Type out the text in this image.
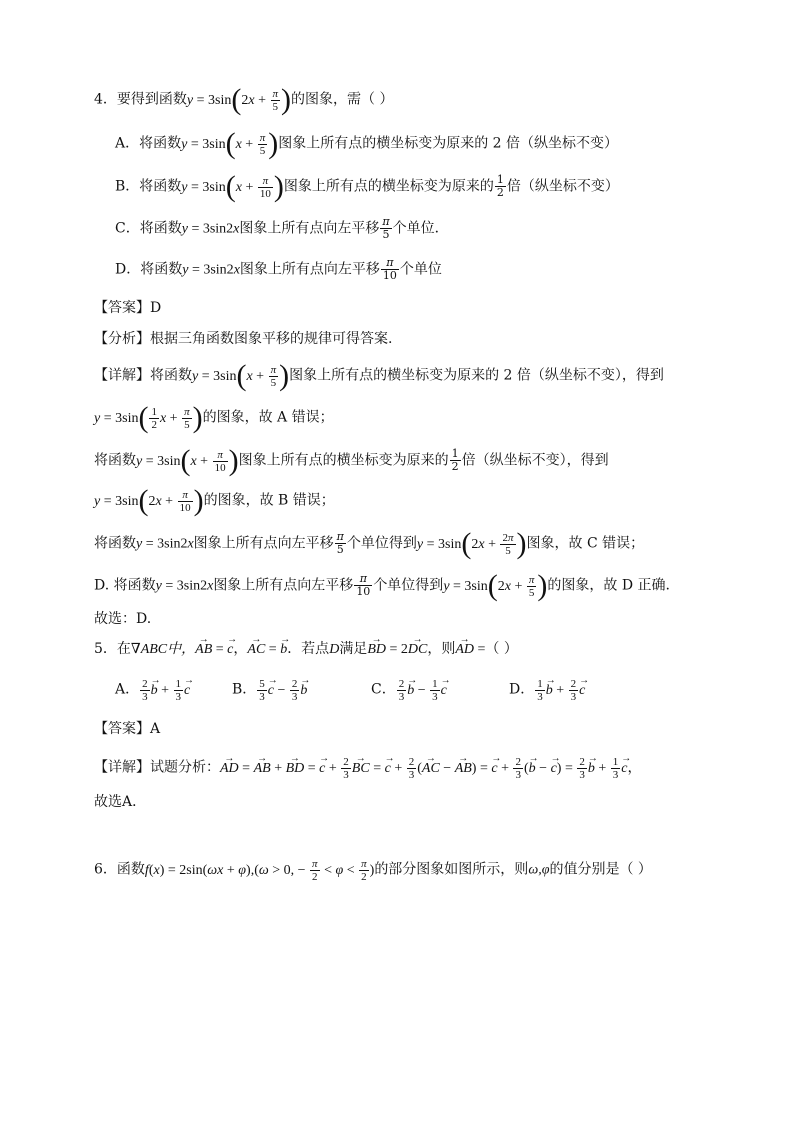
4．要得到函数$y = 3\sin(2x + \frac{\pi}{5}$ )的图象，需（ ）
A．将函数$y = 3\sin(x + \frac{\pi}{5}$ )图象上所有点的横坐标变为原来的 2 倍（纵坐标不变）
B．将函数$y = 3\sin(x + \frac{\pi}{10}$ )图象上所有点的横坐标变为原来的 $\frac{1}{2}$ 倍（纵坐标不变）
C．将函数y = 3sin2x图象上所有点向左平移 $\frac{\pi}{5}$ 个单位．
D．将函数y = 3sin2x图象上所有点向左平移 $\frac{\pi}{10}$ 个单位
【答案】D
【分析】根据三角函数图象平移的规律可得答案.
【详解】将函数$y = 3\sin(x + \frac{\pi}{5}$ )图象上所有点的横坐标变为原来的 2 倍（纵坐标不变），得到
$y = 3\sin( \frac{1}{2}$ $x + \frac{\pi}{5}$ )的图象，故 A 错误；
将函数$y = 3\sin(x + \frac{\pi}{10}$ )图象上所有点的横坐标变为原来的 $\frac{1}{2}$ 倍（纵坐标不变），得到
$y = 3\sin(2x + \frac{\pi}{10}$ )的图象，故 B 错误；
将函数y = 3sin2x图象上所有点向左平移 $\frac{\pi}{5}$ 个单位得到$y = 3\sin(2x + \frac{2\pi}{5}$ )图象，故 C 错误；
D. 将函数y = 3sin2x图象上所有点向左平移 $\frac{\pi}{10}$ 个单位得到$y = 3\sin(2x + \frac{\pi}{5}$ )的图象，故 D 正确.
故选：D.
5．在∇ABC中，→ AB = → c，→ AC = → b．若点D满足→ BD = 2→ DC，则→ AD =（ ）
A． $\frac{2}{3}$
→ $b + \frac{1}{3}$
→ c	B． $\frac{5}{3}$
→ $c - \frac{2}{3}$
→ b	C． $\frac{2}{3}$
→ $b - \frac{1}{3}$
→ c	D． $\frac{1}{3}$
→ $b + \frac{2}{3}$
→ c
【答案】A
【详解】试题分析：→ AD = → AB + → BD = → $c + \frac{2}{3}$
→ BC = → $c + \frac{2}{3}$ (→ AC − → AB) = → $c + \frac{2}{3}$ (→ b − → $c) = \frac{2}{3}$
→ $b + \frac{1}{3}$
→ c，
故选A．
6．函数f(x) = 2sin(ωx + φ),(ω > 0, − $\frac{\pi}{2} < \varphi < \frac{\pi}{2}$ )的部分图象如图所示，则ω,φ的值分别是（ ）
